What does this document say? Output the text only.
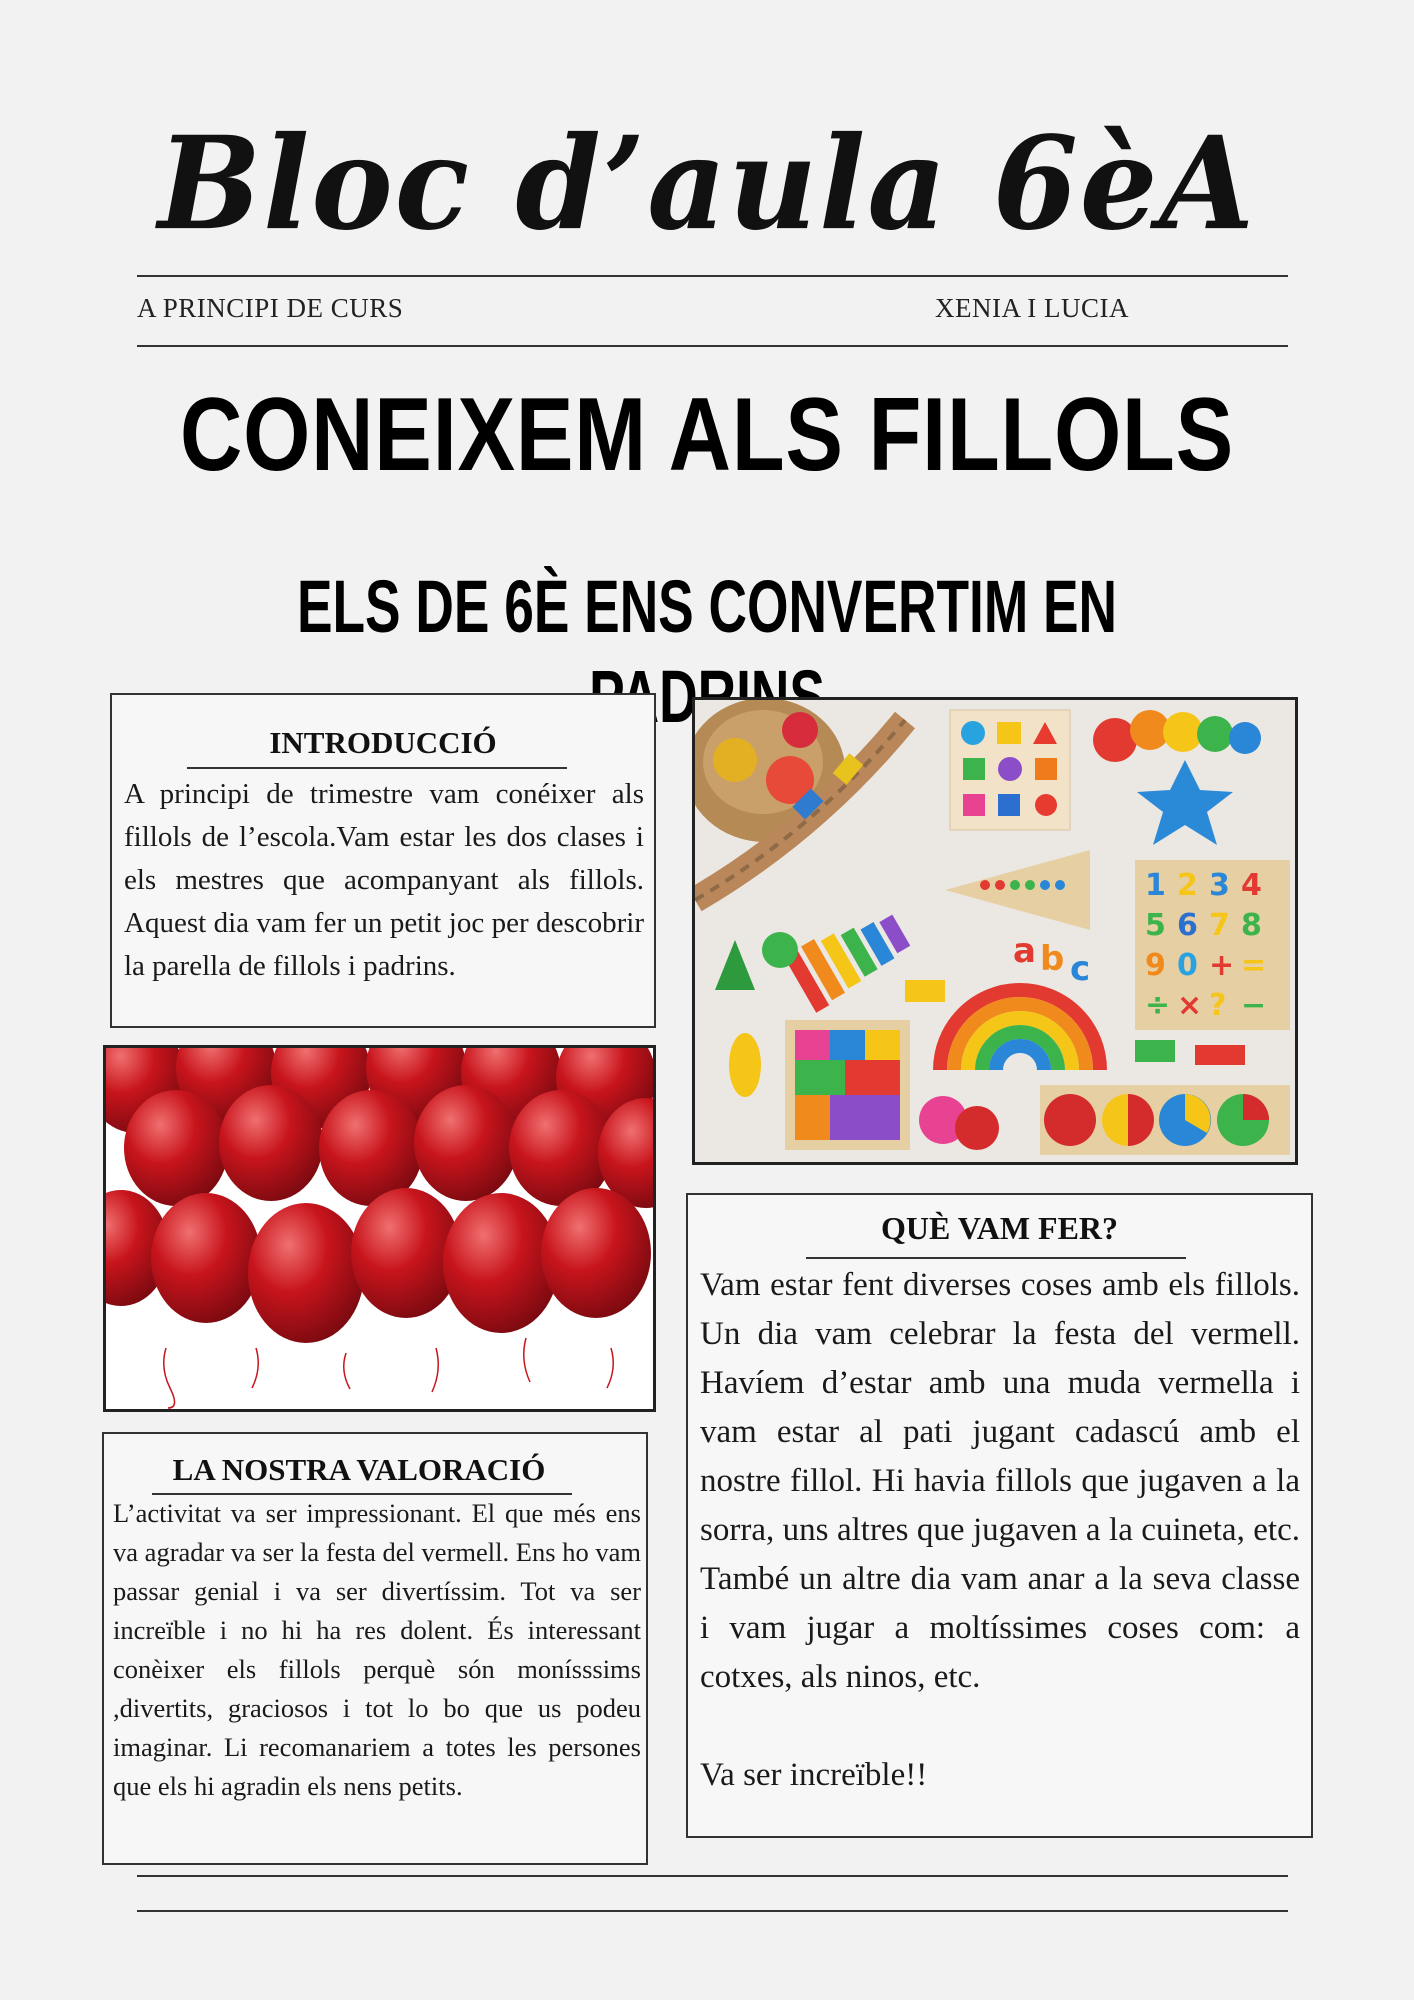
Bloc d’aula 6èA
A PRINCIPI DE CURS	XENIA I LUCIA
CONEIXEM ALS FILLOLS
ELS DE 6È ENS CONVERTIM EN
INTRODUCCIÓ

A principi de trimestre vam conéixer als fillols de l’escola.Vam estar les dos clases i els mestres que acompanyant als fillols. Aquest dia vam fer un petit joc per descobrir la parella de fillols i padrins.

1 2 3 4
5 6 7 8
9 0 + =
÷ × ? −
a b c
QUÈ VAM FER?

Vam estar fent diverses coses amb els fillols. Un dia vam celebrar la festa del vermell. Havíem d’estar amb una muda vermella i vam estar al pati jugant cadascú amb el nostre fillol. Hi havia fillols que jugaven a la sorra, uns altres que jugaven a la cuineta, etc. També un altre dia vam anar a la seva classe i vam jugar a moltíssimes coses com: a cotxes, als ninos, etc.

Va ser increïble!!

LA NOSTRA VALORACIÓ

L’activitat va ser impressionant. El que més ens va agradar va ser la festa del vermell. Ens ho vam passar genial i va ser divertíssim. Tot va ser increïble i no hi ha res dolent. És interessant conèixer els fillols perquè són monísssims ,divertits, graciosos i tot lo bo que us podeu imaginar. Li recomanariem a totes les persones que els hi agradin els nens petits.
